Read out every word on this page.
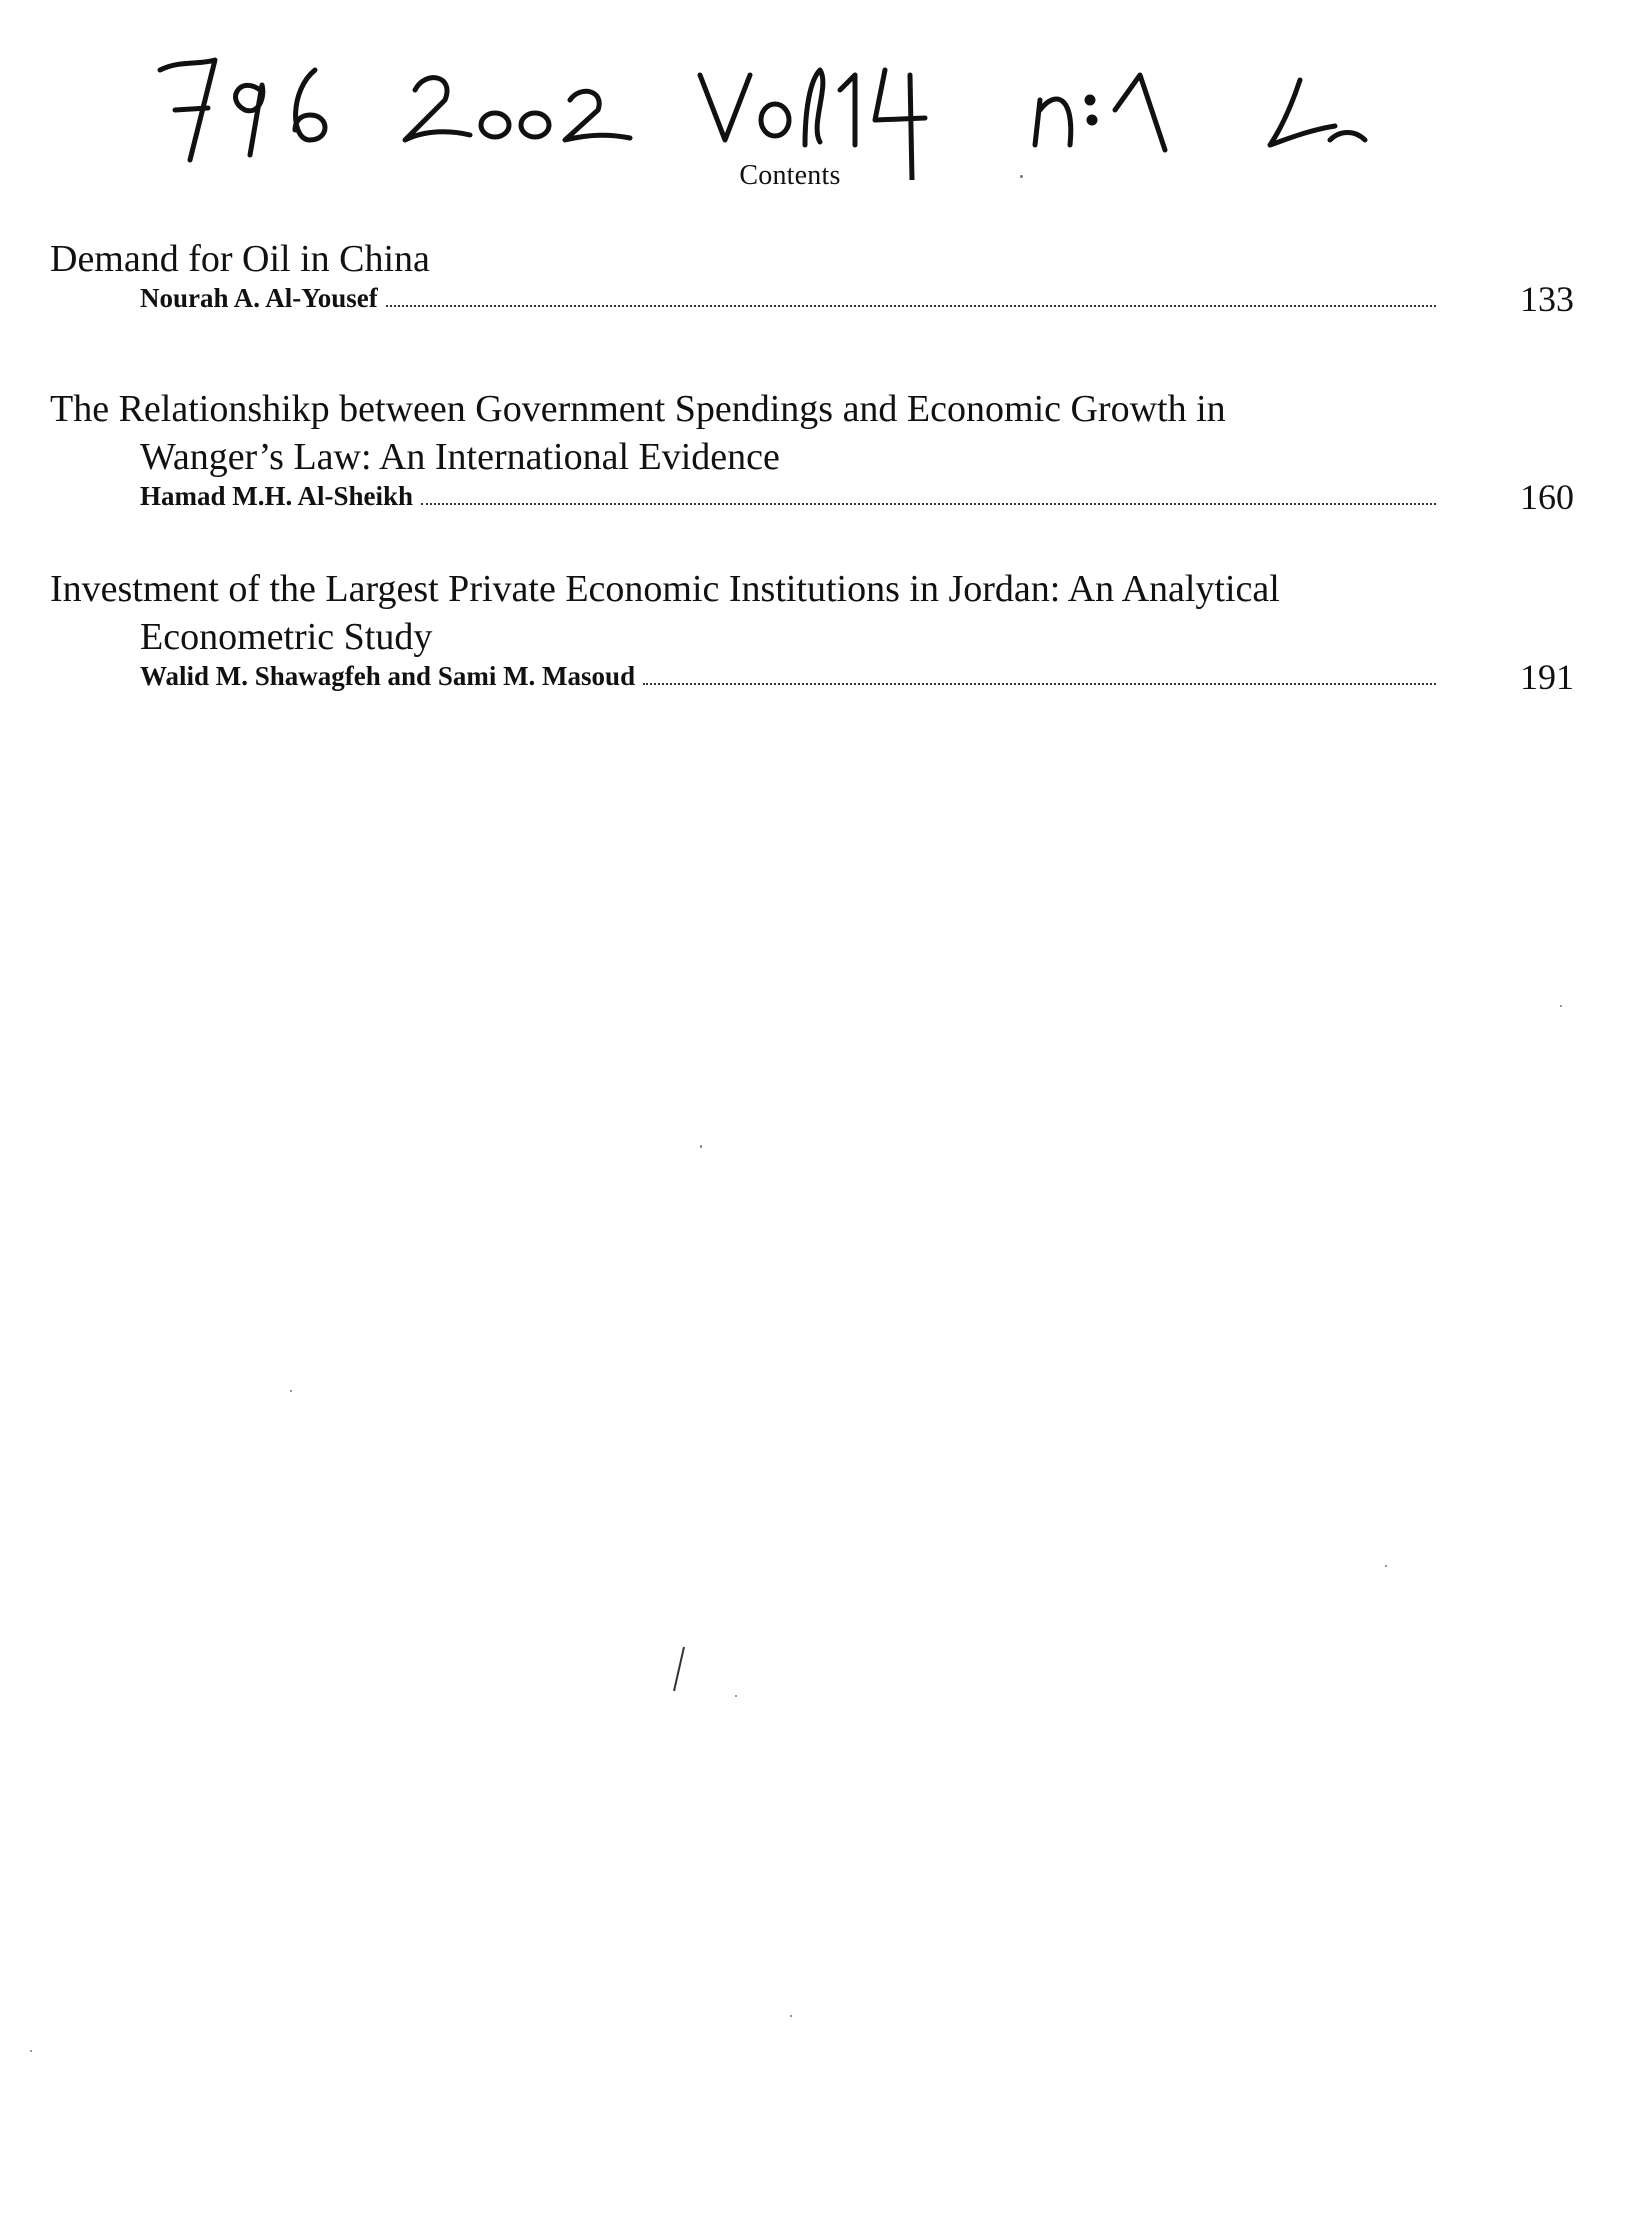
Contents

Demand for Oil in China

Nourah A. Al-Yousef	133

The Relationshikp between Government Spendings and Economic Growth in
Wanger’s Law: An International Evidence

Hamad M.H. Al-Sheikh	160

Investment of the Largest Private Economic Institutions in Jordan: An Analytical
Econometric Study

Walid M. Shawagfeh and Sami M. Masoud	191
